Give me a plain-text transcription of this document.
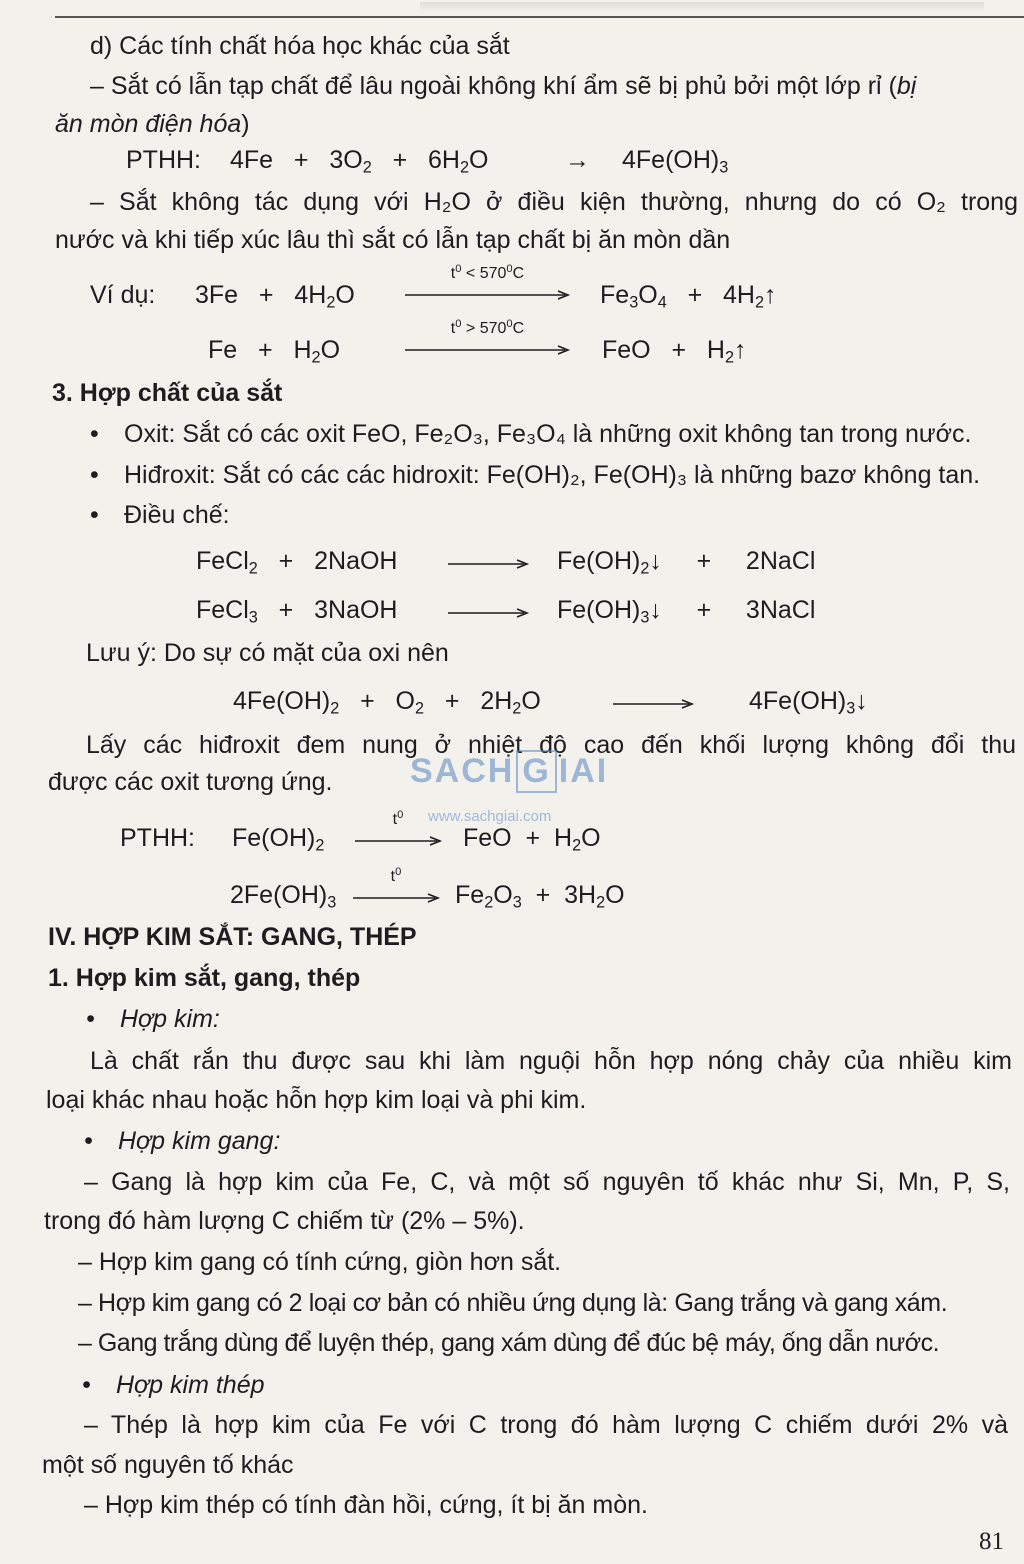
d) Các tính chất hóa học khác của sắt
– Sắt có lẫn tạp chất để lâu ngoài không khí ẩm sẽ bị phủ bởi một lớp rỉ (bị
ăn mòn điện hóa)
PTHH: $4Fe + 3O_2 + 6H_2O$	→ $4Fe(OH)_3$
– Sắt không tác dụng với H₂O ở điều kiện thường, nhưng do có O₂ trong
nước và khi tiếp xúc lâu thì sắt có lẫn tạp chất bị ăn mòn dần
Ví dụ: $3Fe + 4H_2O$
$t^0 < 570^0C$
$Fe_3O_4$   +   $4H_2↑$
$Fe + H_2O$
$t^0 > 570^0C$
FeO   +   $H_2↑$
3. Hợp chất của sắt
• Oxit: Sắt có các oxit FeO, Fe₂O₃, Fe₃O₄ là những oxit không tan trong nước.
• Hiđroxit: Sắt có các các hidroxit: Fe(OH)₂, Fe(OH)₃ là những bazơ không tan.
• Điều chế:
FeCl$_2$   +   2NaOH	$Fe(OH)_2↓$     +     2NaCl
FeCl$_3$   +   3NaOH	$Fe(OH)_3↓$     +     3NaCl
Lưu ý: Do sự có mặt của oxi nên
$4Fe(OH)_2 + O_2 + 2H_2O$	$4Fe(OH)_3↓$
Lấy các hiđroxit đem nung ở nhiệt độ cao đến khối lượng không đổi thu
được các oxit tương ứng. SACH G IAI
www.sachgiai.com
PTHH: $Fe(OH)_2$
$t^0$
FeO  +  $H_2O$
$2Fe(OH)_3$
$t^0$
$Fe_2O_3 + 3H_2O$
IV. HỢP KIM SẮT: GANG, THÉP
1. Hợp kim sắt, gang, thép
• Hợp kim:
Là chất rắn thu được sau khi làm nguội hỗn hợp nóng chảy của nhiều kim
loại khác nhau hoặc hỗn hợp kim loại và phi kim.
• Hợp kim gang:
– Gang là hợp kim của Fe, C, và một số nguyên tố khác như Si, Mn, P, S,
trong đó hàm lượng C chiếm từ (2% – 5%).
– Hợp kim gang có tính cứng, giòn hơn sắt.
– Hợp kim gang có 2 loại cơ bản có nhiều ứng dụng là: Gang trắng và gang xám.
– Gang trắng dùng để luyện thép, gang xám dùng để đúc bệ máy, ống dẫn nước.
• Hợp kim thép
– Thép là hợp kim của Fe với C trong đó hàm lượng C chiếm dưới 2% và
một số nguyên tố khác
– Hợp kim thép có tính đàn hồi, cứng, ít bị ăn mòn.
81
